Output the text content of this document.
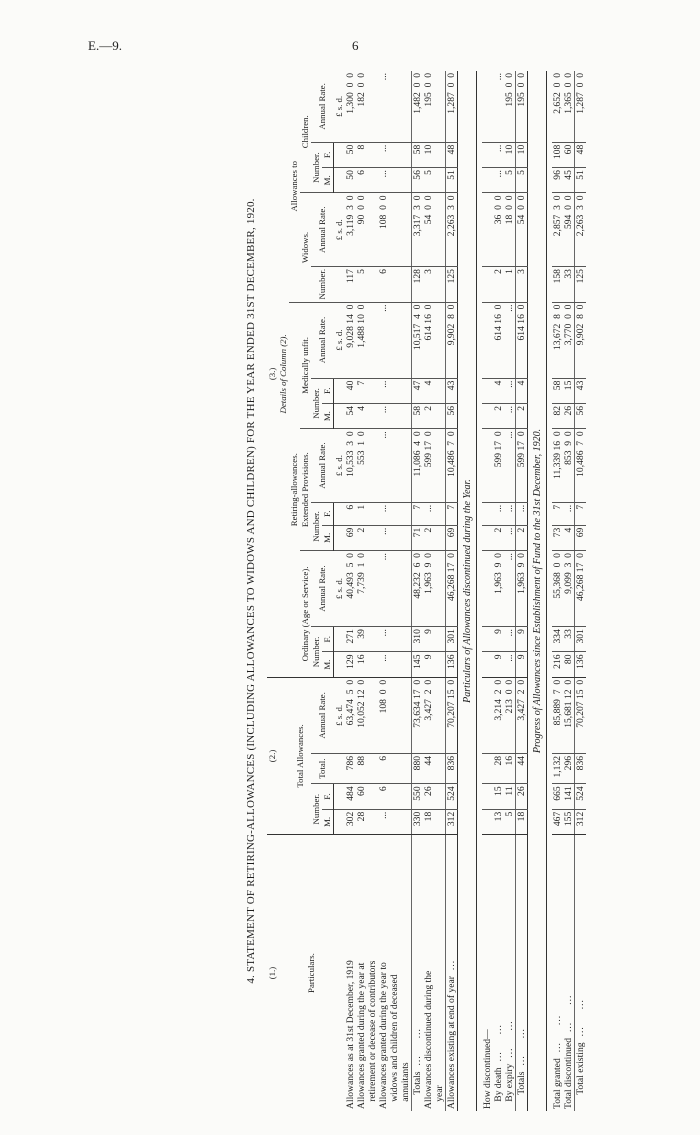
E.—9.	6
4. STATEMENT OF RETIRING-ALLOWANCES (INCLUDING ALLOWANCES TO WIDOWS AND CHILDREN) FOR THE YEAR ENDED 31ST DECEMBER, 1920. (1.)	(2.)				(3.)													
					Details of Column (2).													
Particulars.	Total Allowances.				Retiring-allowances.									Allowances to				
					Ordinary (Age or Service).			Extended Provisions.			Medically unfit.			Widows.		Children.		
	Number.		Total.	Annual Rate.	Number.		Annual Rate.	Number.		Annual Rate.	Number.		Annual Rate.	Number.	Annual Rate.	Number.		Annual Rate.
	M.	F.			M.	F.		M.	F.		M.	F.				M.	F.	
				£ s. d.			£ s. d.			£ s. d.			£ s. d.		£ s. d.			£ s. d.
Allowances as at 31st December, 1919	302	484	786	63,474  5  0	129	271	40,493  5  0	69	6	10,533  3  0	54	40	9,028 14  0	117	3,119  3  0	50	50	1,300  0  0
Allowances granted during the year at	28	60	88	10,052 12  0	16	39	7,739  1  0	2	1	553  1  0	4	7	1,488 10  0	5	90  0  0	6	8	182  0  0
retirement or decease of contributors																		
Allowances granted during the year to	...	6	6	108  0  0	...	...	...	...	...	...	...	...	...	6	108  0  0	...	...	...
widows and children of deceased																		
annuitants																		
Totals...     ...	330	550	880	73,634 17  0	145	310	48,232  6  0	71	7	11,086  4  0	58	47	10,517  4  0	128	3,317  3  0	56	58	1,482  0  0
Allowances discontinued during the	18	26	44	3,427  2  0	9	9	1,963  9  0	2	...	599 17  0	2	4	614 16  0	3	54  0  0	5	10	195  0  0
year																		
Allowances existing at end of year...	312	524	836	70,207 15  0	136	301	46,268 17  0	69	7	10,486  7  0	56	43	9,902  8  0	125	2,263  3  0	51	48	1,287  0  0
Particulars of Allowances discontinued during the Year.																		

How discontinued—																		
By death...     ...	13	15	28	3,214  2  0	9	9	1,963  9  0	2	...	599 17  0	2	4	614 16  0	2	36  0  0	...	...	...
By expiry...     ...	5	11	16	213  0  0	...	...	...	...	...	...	...	...	...	1	18  0  0	5	10	195  0  0
Totals...     ...	18	26	44	3,427  2  0	9	9	1,963  9  0	2	...	599 17  0	2	4	614 16  0	3	54  0  0	5	10	195  0  0
Progress of Allowances since Establishment of Fund to the 31st December, 1920.																		

Total granted...     ...	467	665	1,132	85,889  7  0	216	334	55,368  0  0	73	7	11,339 16  0	82	58	13,672  8  0	158	2,857  3  0	96	108	2,652  0  0
Total discontinued...     ...	155	141	296	15,681 12  0	80	33	9,099  3  0	4	...	853  9  0	26	15	3,770  0  0	33	594  0  0	45	60	1,365  0  0
Total existing...     ...	312	524	836	70,207 15  0	136	301	46,268 17  0	69	7	10,486  7  0	56	43	9,902  8  0	125	2,263  3  0	51	48	1,287  0  0
